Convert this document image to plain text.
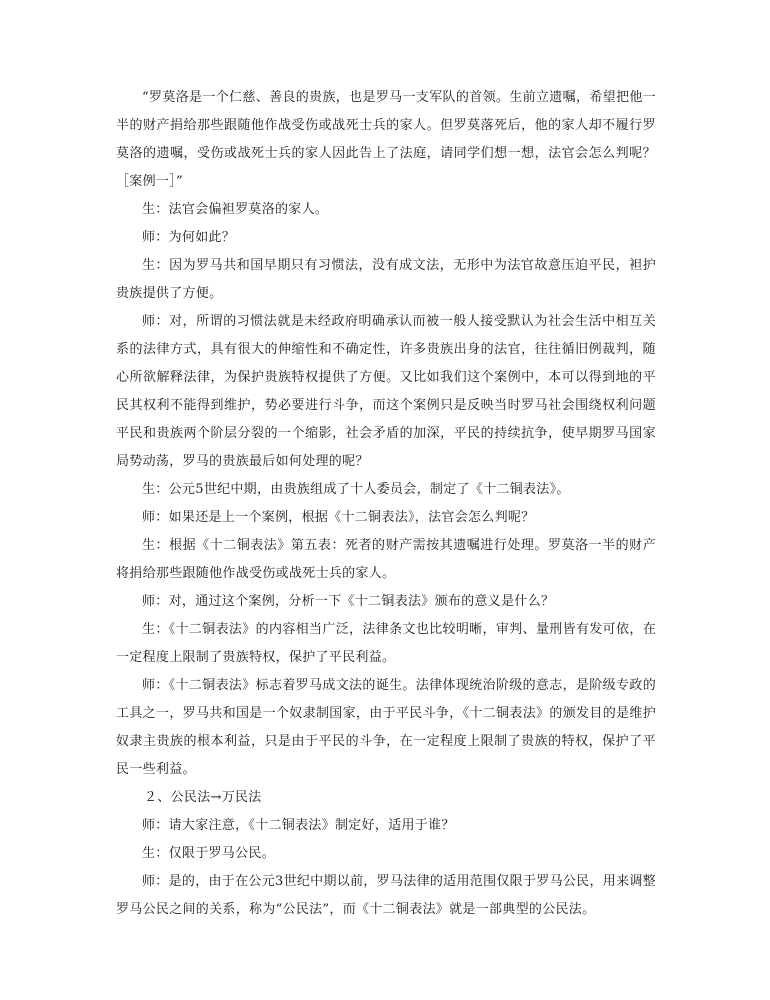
“罗莫洛是一个仁慈、善良的贵族，也是罗马一支军队的首领。生前立遗嘱，希望把他一半的财产捐给那些跟随他作战受伤或战死士兵的家人。但罗莫落死后，他的家人却不履行罗莫洛的遗嘱，受伤或战死士兵的家人因此告上了法庭，请同学们想一想，法官会怎么判呢？［案例一］”

生：法官会偏袒罗莫洛的家人。

师：为何如此？

生：因为罗马共和国早期只有习惯法，没有成文法，无形中为法官故意压迫平民，袒护贵族提供了方便。

师：对，所谓的习惯法就是未经政府明确承认而被一般人接受默认为社会生活中相互关系的法律方式，具有很大的伸缩性和不确定性，许多贵族出身的法官，往往循旧例裁判，随心所欲解释法律，为保护贵族特权提供了方便。又比如我们这个案例中，本可以得到地的平民其权利不能得到维护，势必要进行斗争，而这个案例只是反映当时罗马社会围绕权利问题平民和贵族两个阶层分裂的一个缩影，社会矛盾的加深，平民的持续抗争，使早期罗马国家局势动荡，罗马的贵族最后如何处理的呢？

生：公元5世纪中期，由贵族组成了十人委员会，制定了《十二铜表法》。

师：如果还是上一个案例，根据《十二铜表法》，法官会怎么判呢？

生：根据《十二铜表法》第五表：死者的财产需按其遗嘱进行处理。罗莫洛一半的财产将捐给那些跟随他作战受伤或战死士兵的家人。

师：对，通过这个案例，分析一下《十二铜表法》颁布的意义是什么？

生：《十二铜表法》的内容相当广泛，法律条文也比较明晰，审判、量刑皆有发可依，在一定程度上限制了贵族特权，保护了平民利益。

师：《十二铜表法》标志着罗马成文法的诞生。法律体现统治阶级的意志，是阶级专政的工具之一，罗马共和国是一个奴隶制国家，由于平民斗争，《十二铜表法》的颁发目的是维护奴隶主贵族的根本利益，只是由于平民的斗争，在一定程度上限制了贵族的特权，保护了平民一些利益。

２、公民法→万民法

师：请大家注意，《十二铜表法》制定好，适用于谁？

生：仅限于罗马公民。

师：是的，由于在公元3世纪中期以前，罗马法律的适用范围仅限于罗马公民，用来调整罗马公民之间的关系，称为“公民法”，而《十二铜表法》就是一部典型的公民法。
